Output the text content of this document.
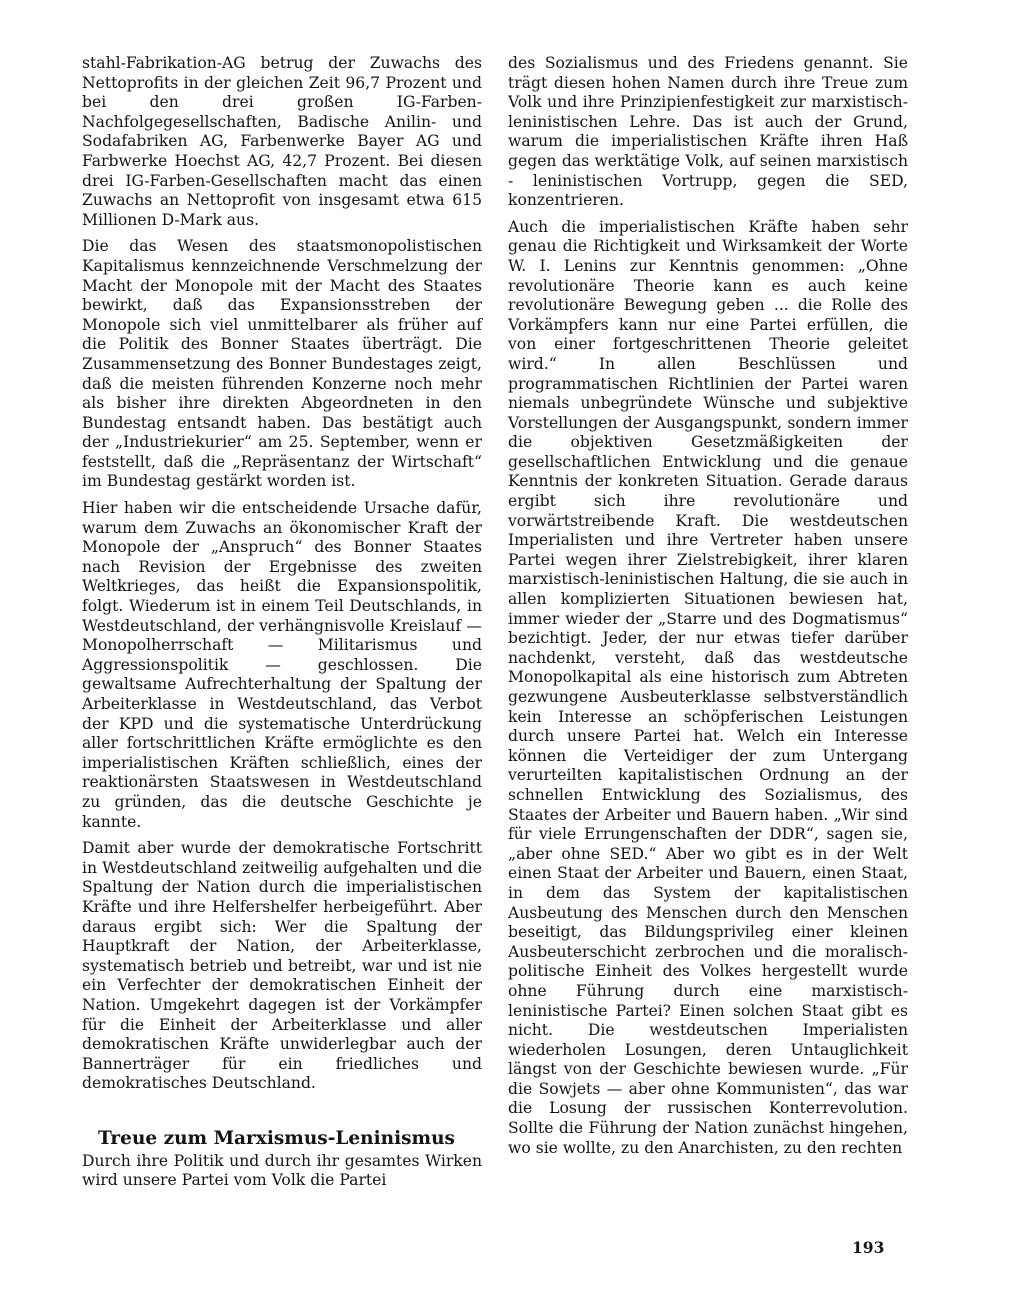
stahl-Fabrikation-AG betrug der Zuwachs des Nettoprofits in der gleichen Zeit 96,7 Prozent und bei den drei großen IG-Farben-Nachfolgegesellschaften, Badische Anilin- und Sodafabriken AG, Farbenwerke Bayer AG und Farbwerke Hoechst AG, 42,7 Prozent. Bei diesen drei IG-Farben-Gesellschaften macht das einen Zuwachs an Nettoprofit von insgesamt etwa 615 Millionen D-Mark aus.

Die das Wesen des staatsmonopolistischen Kapitalismus kennzeichnende Verschmelzung der Macht der Monopole mit der Macht des Staates bewirkt, daß das Expansionsstreben der Monopole sich viel unmittelbarer als früher auf die Politik des Bonner Staates überträgt. Die Zusammensetzung des Bonner Bundestages zeigt, daß die meisten führenden Konzerne noch mehr als bisher ihre direkten Abgeordneten in den Bundestag entsandt haben. Das bestätigt auch der „Industriekurier“ am 25. September, wenn er feststellt, daß die „Repräsentanz der Wirtschaft“ im Bundestag gestärkt worden ist.

Hier haben wir die entscheidende Ursache dafür, warum dem Zuwachs an ökonomischer Kraft der Monopole der „Anspruch“ des Bonner Staates nach Revision der Ergebnisse des zweiten Weltkrieges, das heißt die Expansionspolitik, folgt. Wiederum ist in einem Teil Deutschlands, in Westdeutschland, der verhängnisvolle Kreislauf — Monopolherrschaft — Militarismus und Aggressionspolitik — geschlossen. Die gewaltsame Aufrechterhaltung der Spaltung der Arbeiterklasse in Westdeutschland, das Verbot der KPD und die systematische Unterdrückung aller fortschrittlichen Kräfte ermöglichte es den imperialistischen Kräften schließlich, eines der reaktionärsten Staatswesen in Westdeutschland zu gründen, das die deutsche Geschichte je kannte.

Damit aber wurde der demokratische Fortschritt in Westdeutschland zeitweilig aufgehalten und die Spaltung der Nation durch die imperialistischen Kräfte und ihre Helfershelfer herbeigeführt. Aber daraus ergibt sich: Wer die Spaltung der Hauptkraft der Nation, der Arbeiterklasse, systematisch betrieb und betreibt, war und ist nie ein Verfechter der demokratischen Einheit der Nation. Umgekehrt dagegen ist der Vorkämpfer für die Einheit der Arbeiterklasse und aller demokratischen Kräfte unwiderlegbar auch der Bannerträger für ein friedliches und demokratisches Deutschland.

Treue zum Marxismus-Leninismus

Durch ihre Politik und durch ihr gesamtes Wirken wird unsere Partei vom Volk die Partei

des Sozialismus und des Friedens genannt. Sie trägt diesen hohen Namen durch ihre Treue zum Volk und ihre Prinzipienfestigkeit zur marxistisch-leninistischen Lehre. Das ist auch der Grund, warum die imperialistischen Kräfte ihren Haß gegen das werktätige Volk, auf seinen marxistisch - leninistischen Vortrupp, gegen die SED, konzentrieren.

Auch die imperialistischen Kräfte haben sehr genau die Richtigkeit und Wirksamkeit der Worte W. I. Lenins zur Kenntnis genommen: „Ohne revolutionäre Theorie kann es auch keine revolutionäre Bewegung geben ... die Rolle des Vorkämpfers kann nur eine Partei erfüllen, die von einer fortgeschrittenen Theorie geleitet wird.“ In allen Beschlüssen und programmatischen Richtlinien der Partei waren niemals unbegründete Wünsche und subjektive Vorstellungen der Ausgangspunkt, sondern immer die objektiven Gesetzmäßigkeiten der gesellschaftlichen Entwicklung und die genaue Kenntnis der konkreten Situation. Gerade daraus ergibt sich ihre revolutionäre und vorwärtstreibende Kraft. Die westdeutschen Imperialisten und ihre Vertreter haben unsere Partei wegen ihrer Zielstrebigkeit, ihrer klaren marxistisch-leninistischen Haltung, die sie auch in allen komplizierten Situationen bewiesen hat, immer wieder der „Starre und des Dogmatismus“ bezichtigt. Jeder, der nur etwas tiefer darüber nachdenkt, versteht, daß das westdeutsche Monopolkapital als eine historisch zum Abtreten gezwungene Ausbeuterklasse selbstverständlich kein Interesse an schöpferischen Leistungen durch unsere Partei hat. Welch ein Interesse können die Verteidiger der zum Untergang verurteilten kapitalistischen Ordnung an der schnellen Entwicklung des Sozialismus, des Staates der Arbeiter und Bauern haben. „Wir sind für viele Errungenschaften der DDR“, sagen sie, „aber ohne SED.“ Aber wo gibt es in der Welt einen Staat der Arbeiter und Bauern, einen Staat, in dem das System der kapitalistischen Ausbeutung des Menschen durch den Menschen beseitigt, das Bildungsprivileg einer kleinen Ausbeuterschicht zerbrochen und die moralisch-politische Einheit des Volkes hergestellt wurde ohne Führung durch eine marxistisch-leninistische Partei? Einen solchen Staat gibt es nicht. Die westdeutschen Imperialisten wiederholen Losungen, deren Untauglichkeit längst von der Geschichte bewiesen wurde. „Für die Sowjets — aber ohne Kommunisten“, das war die Losung der russischen Konterrevolution. Sollte die Führung der Nation zunächst hingehen, wo sie wollte, zu den Anarchisten, zu den rechten

193
